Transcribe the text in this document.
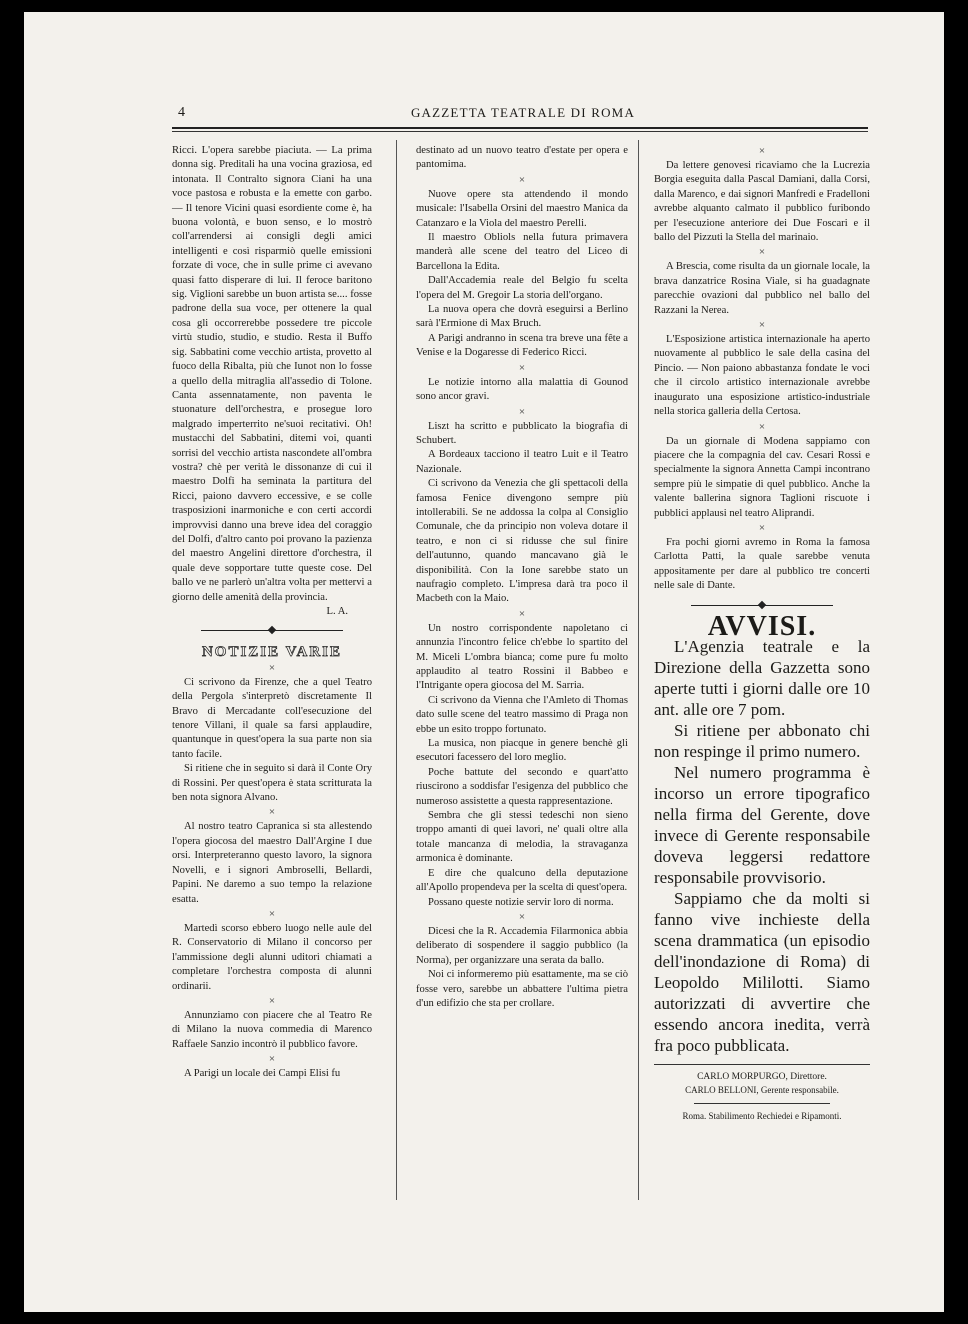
4	GAZZETTA TEATRALE DI ROMA

Ricci. L'opera sarebbe piaciuta. — La prima donna sig. Preditali ha una vocina graziosa, ed intonata. Il Contralto signora Ciani ha una voce pastosa e robusta e la emette con garbo. — Il tenore Vicini quasi esordiente come è, ha buona volontà, e buon senso, e lo mostrò coll'arrendersi ai consigli degli amici intelligenti e così risparmiò quelle emissioni forzate di voce, che in sulle prime ci avevano quasi fatto disperare di lui. Il feroce baritono sig. Viglioni sarebbe un buon artista se.... fosse padrone della sua voce, per ottenere la qual cosa gli occorrerebbe possedere tre piccole virtù studio, studio, e studio. Resta il Buffo sig. Sabbatini come vecchio artista, provetto al fuoco della Ribalta, più che Iunot non lo fosse a quello della mitraglia all'assedio di Tolone. Canta assennatamente, non paventa le stuonature dell'orchestra, e prosegue loro malgrado imperterrito ne'suoi recitativi. Oh! mustacchi del Sabbatini, ditemi voi, quanti sorrisi del vecchio artista nascondete all'ombra vostra? chè per verità le dissonanze di cui il maestro Dolfi ha seminata la partitura del Ricci, paiono davvero eccessive, e se colle trasposizioni inarmoniche e con certi accordi improvvisi danno una breve idea del coraggio del Dolfi, d'altro canto poi provano la pazienza del maestro Angelini direttore d'orchestra, il quale deve sopportare tutte queste cose. Del ballo ve ne parlerò un'altra volta per mettervi a giorno delle amenità della provincia.

L. A.

NOTIZIE VARIE
×

Ci scrivono da Firenze, che a quel Teatro della Pergola s'interpretò discretamente Il Bravo di Mercadante coll'esecuzione del tenore Villani, il quale sa farsi applaudire, quantunque in quest'opera la sua parte non sia tanto facile.

Si ritiene che in seguito si darà il Conte Ory di Rossini. Per quest'opera è stata scritturata la ben nota signora Alvano.

×

Al nostro teatro Capranica si sta allestendo l'opera giocosa del maestro Dall'Argine I due orsi. Interpreteranno questo lavoro, la signora Novelli, e i signori Ambroselli, Bellardi, Papini. Ne daremo a suo tempo la relazione esatta.

×

Martedì scorso ebbero luogo nelle aule del R. Conservatorio di Milano il concorso per l'ammissione degli alunni uditori chiamati a completare l'orchestra composta di alunni ordinarii.

×

Annunziamo con piacere che al Teatro Re di Milano la nuova commedia di Marenco Raffaele Sanzio incontrò il pubblico favore.

×

A Parigi un locale dei Campi Elisi fu

destinato ad un nuovo teatro d'estate per opera e pantomima.

×

Nuove opere sta attendendo il mondo musicale: l'Isabella Orsini del maestro Manica da Catanzaro e la Viola del maestro Perelli.

Il maestro Obliols nella futura primavera manderà alle scene del teatro del Liceo di Barcellona la Edita.

Dall'Accademia reale del Belgio fu scelta l'opera del M. Gregoir La storia dell'organo.

La nuova opera che dovrà eseguirsi a Berlino sarà l'Ermione di Max Bruch.

A Parigi andranno in scena tra breve una fête a Venise e la Dogaresse di Federico Ricci.

×

Le notizie intorno alla malattia di Gounod sono ancor gravi.

×

Liszt ha scritto e pubblicato la biografia di Schubert.

A Bordeaux tacciono il teatro Luit e il Teatro Nazionale.

Ci scrivono da Venezia che gli spettacoli della famosa Fenice divengono sempre più intollerabili. Se ne addossa la colpa al Consiglio Comunale, che da principio non voleva dotare il teatro, e non ci si ridusse che sul finire dell'autunno, quando mancavano già le disponibilità. Con la Ione sarebbe stato un naufragio completo. L'impresa darà tra poco il Macbeth con la Maio.

×

Un nostro corrispondente napoletano ci annunzia l'incontro felice ch'ebbe lo spartito del M. Miceli L'ombra bianca; come pure fu molto applaudito al teatro Rossini il Babbeo e l'Intrigante opera giocosa del M. Sarria.

Ci scrivono da Vienna che l'Amleto di Thomas dato sulle scene del teatro massimo di Praga non ebbe un esito troppo fortunato.

La musica, non piacque in genere benchè gli esecutori facessero del loro meglio.

Poche battute del secondo e quart'atto riuscirono a soddisfar l'esigenza del pubblico che numeroso assistette a questa rappresentazione.

Sembra che gli stessi tedeschi non sieno troppo amanti di quei lavori, ne' quali oltre alla totale mancanza di melodia, la stravaganza armonica è dominante.

E dire che qualcuno della deputazione all'Apollo propendeva per la scelta di quest'opera.

Possano queste notizie servir loro di norma.

×

Dicesi che la R. Accademia Filarmonica abbia deliberato di sospendere il saggio pubblico (la Norma), per organizzare una serata da ballo.

Noi ci informeremo più esattamente, ma se ciò fosse vero, sarebbe un abbattere l'ultima pietra d'un edifizio che sta per crollare.

×

Da lettere genovesi ricaviamo che la Lucrezia Borgia eseguita dalla Pascal Damiani, dalla Corsi, dalla Marenco, e dai signori Manfredi e Fradelloni avrebbe alquanto calmato il pubblico furibondo per l'esecuzione anteriore dei Due Foscari e il ballo del Pizzuti la Stella del marinaio.

×

A Brescia, come risulta da un giornale locale, la brava danzatrice Rosina Viale, si ha guadagnate parecchie ovazioni dal pubblico nel ballo del Razzani la Nerea.

×

L'Esposizione artistica internazionale ha aperto nuovamente al pubblico le sale della casina del Pincio. — Non paiono abbastanza fondate le voci che il circolo artistico internazionale avrebbe inaugurato una esposizione artistico-industriale nella storica galleria della Certosa.

×

Da un giornale di Modena sappiamo con piacere che la compagnia del cav. Cesari Rossi e specialmente la signora Annetta Campi incontrano sempre più le simpatie di quel pubblico. Anche la valente ballerina signora Taglioni riscuote i pubblici applausi nel teatro Aliprandi.

×

Fra pochi giorni avremo in Roma la famosa Carlotta Patti, la quale sarebbe venuta appositamente per dare al pubblico tre concerti nelle sale di Dante.

AVVISI.

L'Agenzia teatrale e la Direzione della Gazzetta sono aperte tutti i giorni dalle ore 10 ant. alle ore 7 pom.

Si ritiene per abbonato chi non respinge il primo numero.

Nel numero programma è incorso un errore tipografico nella firma del Gerente, dove invece di Gerente responsabile doveva leggersi redattore responsabile provvisorio.

Sappiamo che da molti si fanno vive inchieste della scena drammatica (un episodio dell'inondazione di Roma) di Leopoldo Mililotti. Siamo autorizzati di avvertire che essendo ancora inedita, verrà fra poco pubblicata.

CARLO MORPURGO, Direttore.
CARLO BELLONI, Gerente responsabile.
Roma. Stabilimento Rechiedei e Ripamonti.
